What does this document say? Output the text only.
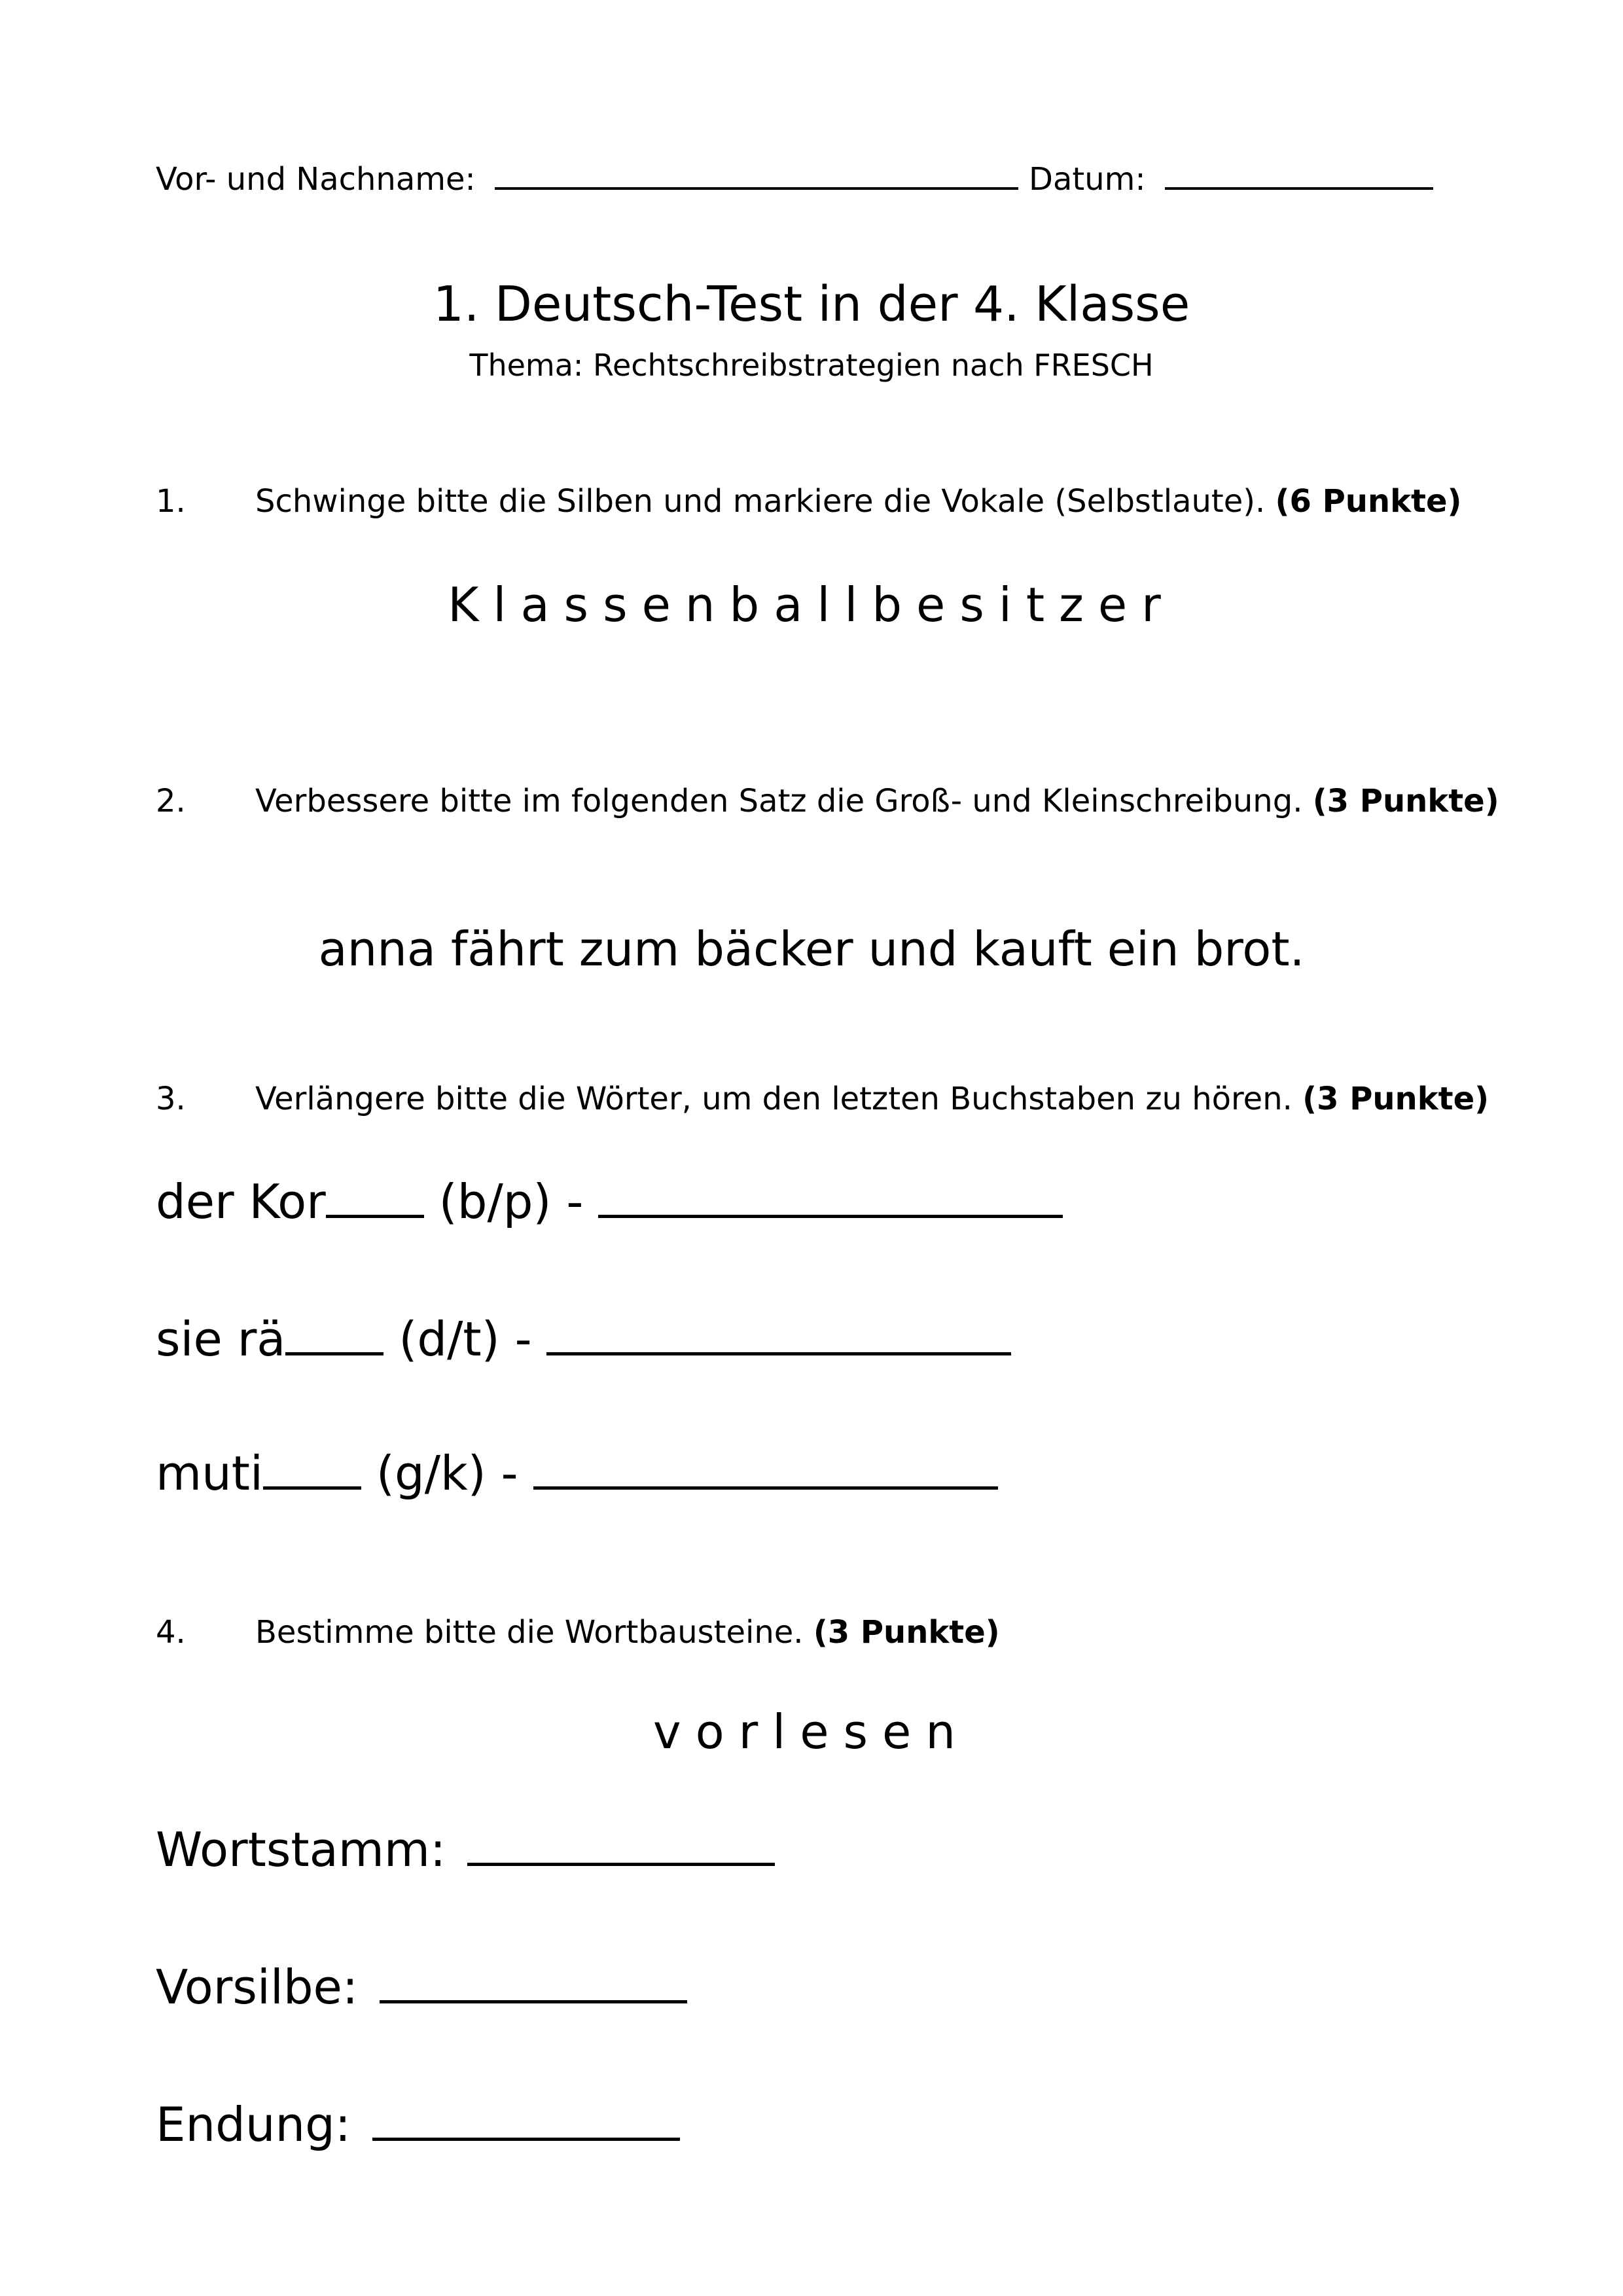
Vor- und Nachname:	Datum:
1. Deutsch-Test in der 4. Klasse
Thema: Rechtschreibstrategien nach FRESCH
1. Schwinge bitte die Silben und markiere die Vokale (Selbstlaute). (6 Punkte)
Klassenballbesitzer
2. Verbessere bitte im folgenden Satz die Groß- und Kleinschreibung. (3 Punkte)
anna fährt zum bäcker und kauft ein brot.
3. Verlängere bitte die Wörter, um den letzten Buchstaben zu hören. (3 Punkte)
der Kor (b/p) -
sie rä (d/t) -
muti (g/k) -
4. Bestimme bitte die Wortbausteine. (3 Punkte)
vorlesen
Wortstamm:
Vorsilbe:
Endung:
